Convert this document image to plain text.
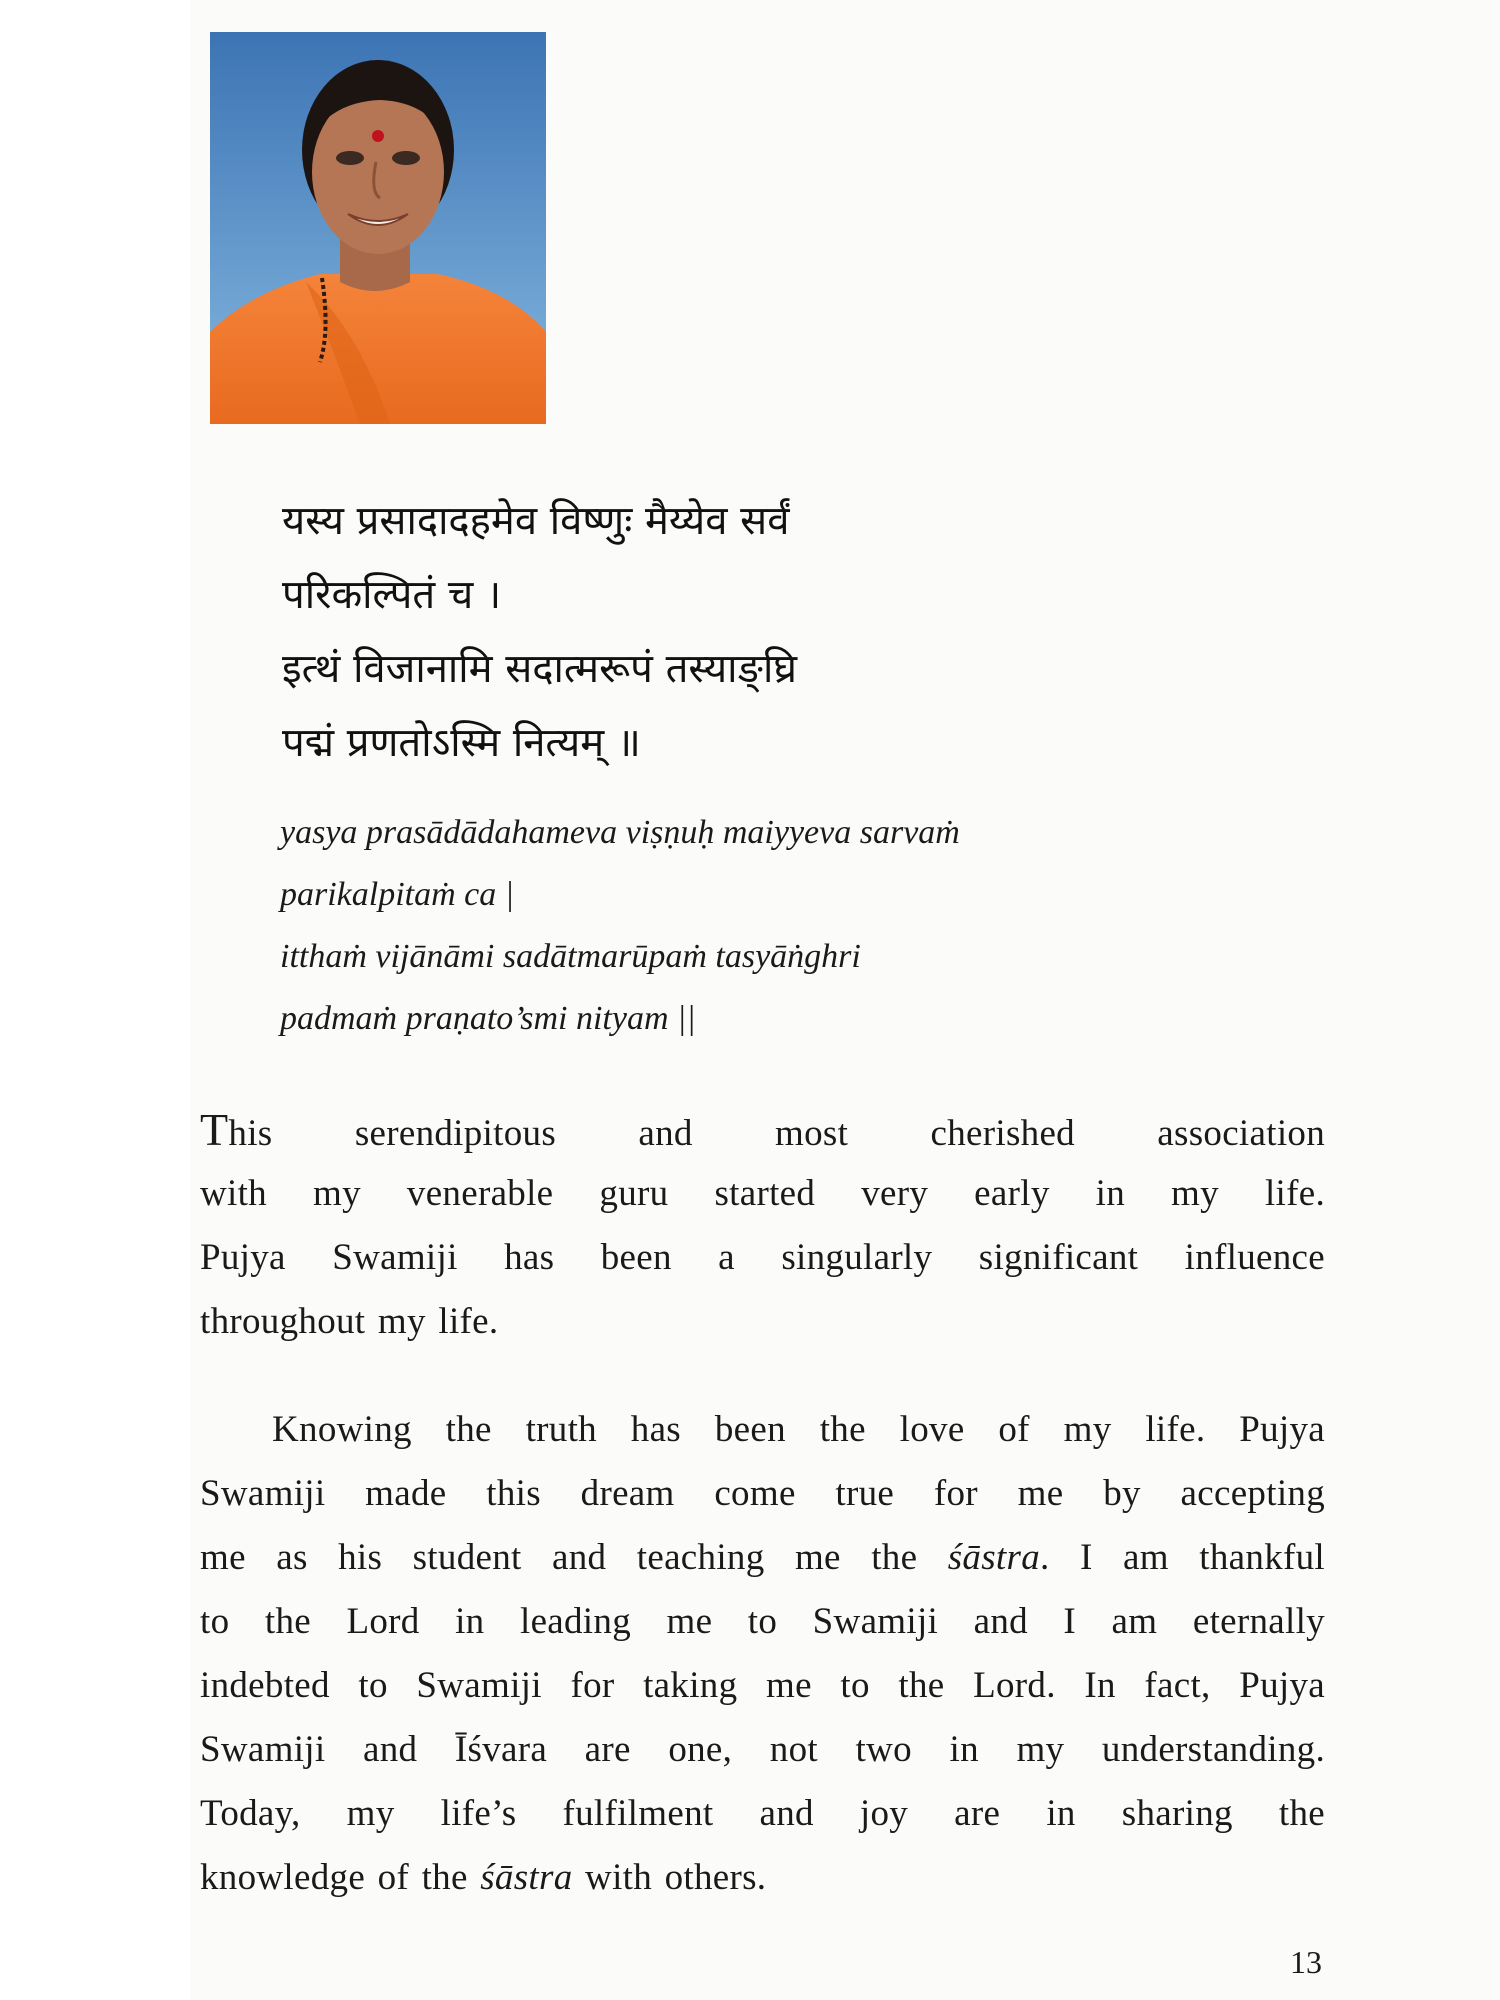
यस्य प्रसादादहमेव विष्णुः मैय्येव सर्वं
परिकल्पितं च ।
इत्थं विजानामि सदात्मरूपं तस्याङ्घ्रि
पद्मं प्रणतोऽस्मि नित्यम् ॥
yasya prasādādahameva viṣṇuḥ maiyyeva sarvaṁ
parikalpitaṁ ca |
itthaṁ vijānāmi sadātmarūpaṁ tasyāṅghri
padmaṁ praṇato’smi nityam ||
This serendipitous and most cherished association
with my venerable guru started very early in my life.
Pujya Swamiji has been a singularly significant influence
throughout my life.
Knowing the truth has been the love of my life. Pujya
Swamiji made this dream come true for me by accepting
me as his student and teaching me the śāstra. I am thankful
to the Lord in leading me to Swamiji and I am eternally
indebted to Swamiji for taking me to the Lord. In fact, Pujya
Swamiji and Īśvara are one, not two in my understanding.
Today, my life’s fulfilment and joy are in sharing the
knowledge of the śāstra with others.
13
